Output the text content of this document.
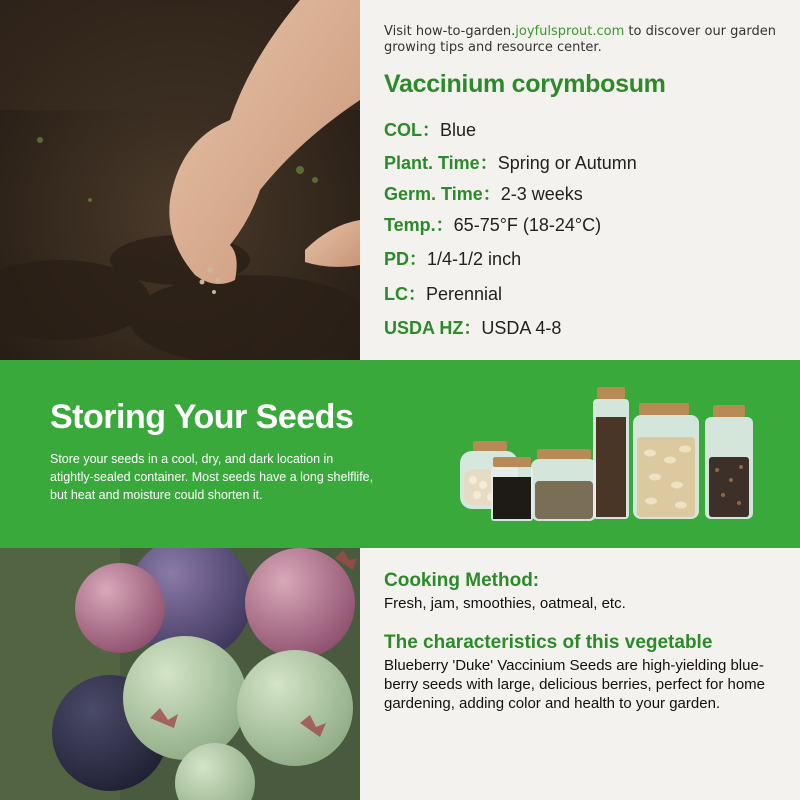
Visit how-to-garden.joyfulsprout.com to discover our garden growing tips and resource center.
Vaccinium corymbosum
COL：Blue
Plant. Time：Spring or Autumn
Germ. Time：2-3 weeks
Temp.：65-75°F (18-24°C)
PD：1/4-1/2 inch
LC：Perennial
USDA HZ：USDA 4-8
Storing Your Seeds
Store your seeds in a cool, dry, and dark location in atightly-sealed container. Most seeds have a long shelflife, but heat and moisture could shorten it.
Cooking Method:
Fresh, jam, smoothies, oatmeal, etc.
The characteristics of this vegetable
Blueberry 'Duke' Vaccinium Seeds are high-yielding blue-berry seeds with large, delicious berries, perfect for home gardening, adding color and health to your garden.
